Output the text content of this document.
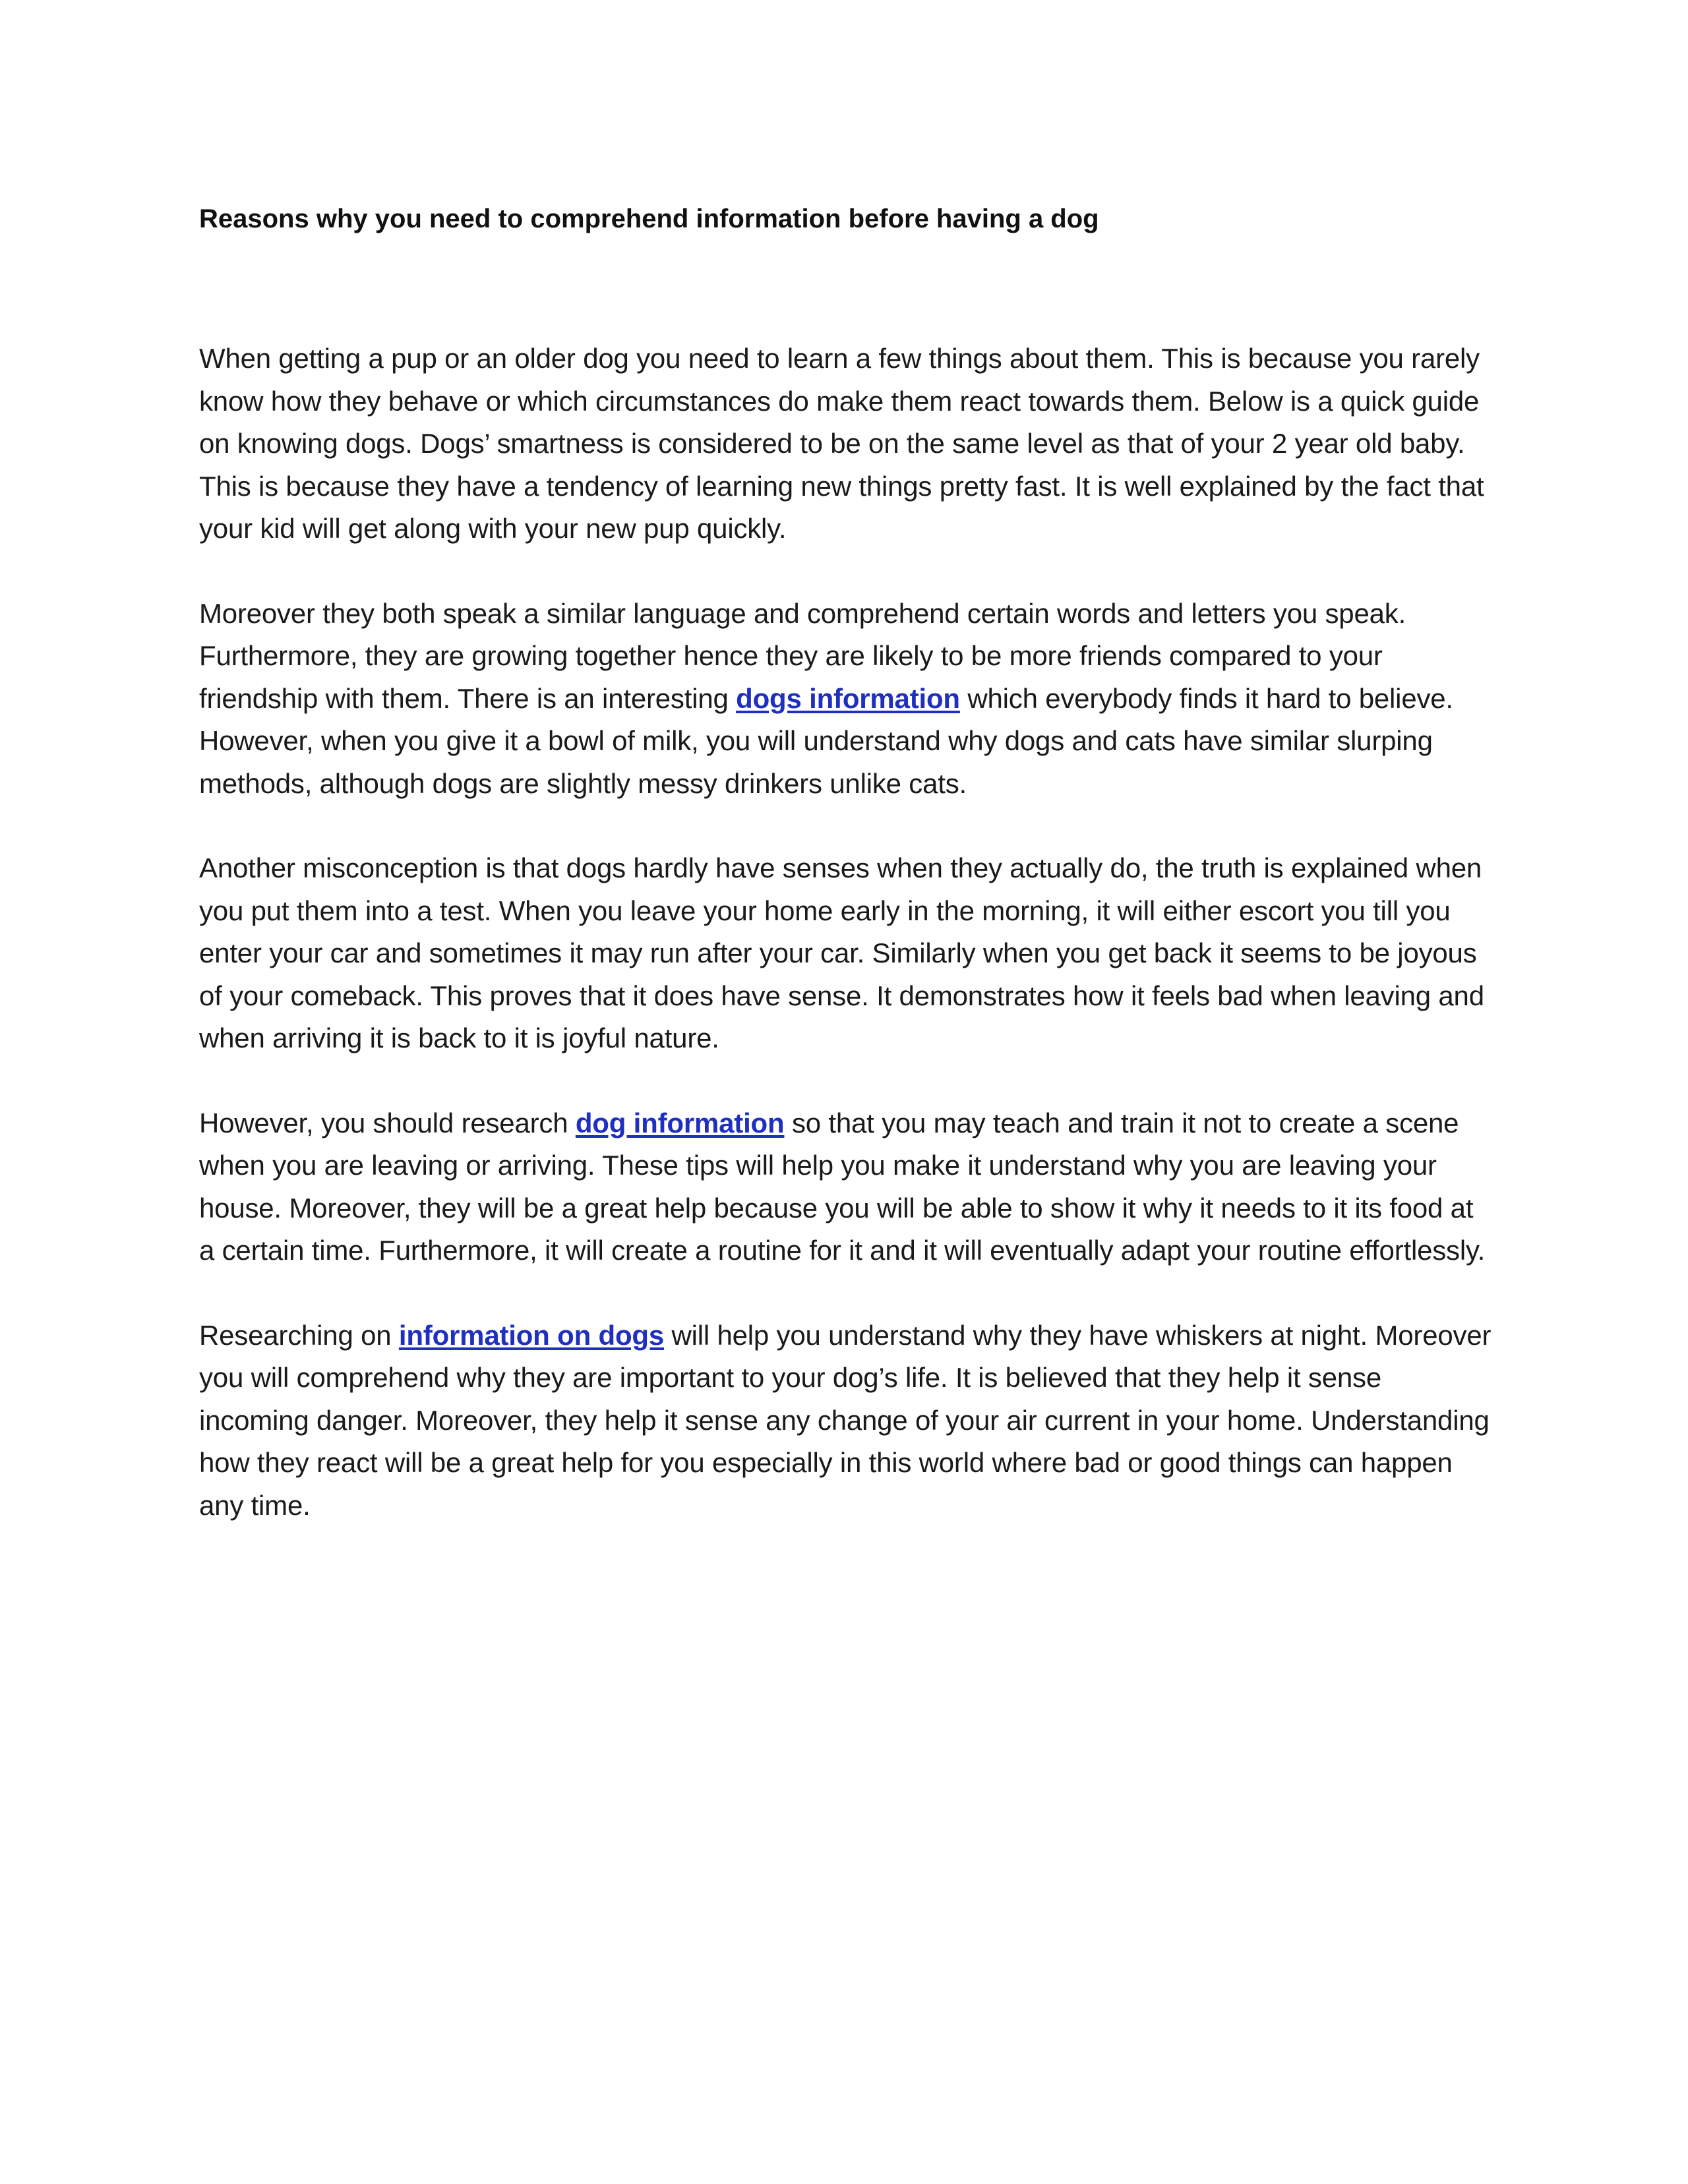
Reasons why you need to comprehend information before having a dog

When getting a pup or an older dog you need to learn a few things about them. This is because you rarely know how they behave or which circumstances do make them react towards them. Below is a quick guide on knowing dogs. Dogs’ smartness is considered to be on the same level as that of your 2 year old baby. This is because they have a tendency of learning new things pretty fast. It is well explained by the fact that your kid will get along with your new pup quickly.

Moreover they both speak a similar language and comprehend certain words and letters you speak. Furthermore, they are growing together hence they are likely to be more friends compared to your friendship with them. There is an interesting dogs information which everybody finds it hard to believe. However, when you give it a bowl of milk, you will understand why dogs and cats have similar slurping methods, although dogs are slightly messy drinkers unlike cats.

Another misconception is that dogs hardly have senses when they actually do, the truth is explained when you put them into a test. When you leave your home early in the morning, it will either escort you till you enter your car and sometimes it may run after your car. Similarly when you get back it seems to be joyous of your comeback. This proves that it does have sense. It demonstrates how it feels bad when leaving and when arriving it is back to it is joyful nature.

However, you should research dog information so that you may teach and train it not to create a scene when you are leaving or arriving. These tips will help you make it understand why you are leaving your house. Moreover, they will be a great help because you will be able to show it why it needs to it its food at a certain time. Furthermore, it will create a routine for it and it will eventually adapt your routine effortlessly.

Researching on information on dogs will help you understand why they have whiskers at night. Moreover you will comprehend why they are important to your dog’s life. It is believed that they help it sense incoming danger. Moreover, they help it sense any change of your air current in your home. Understanding how they react will be a great help for you especially in this world where bad or good things can happen any time.
